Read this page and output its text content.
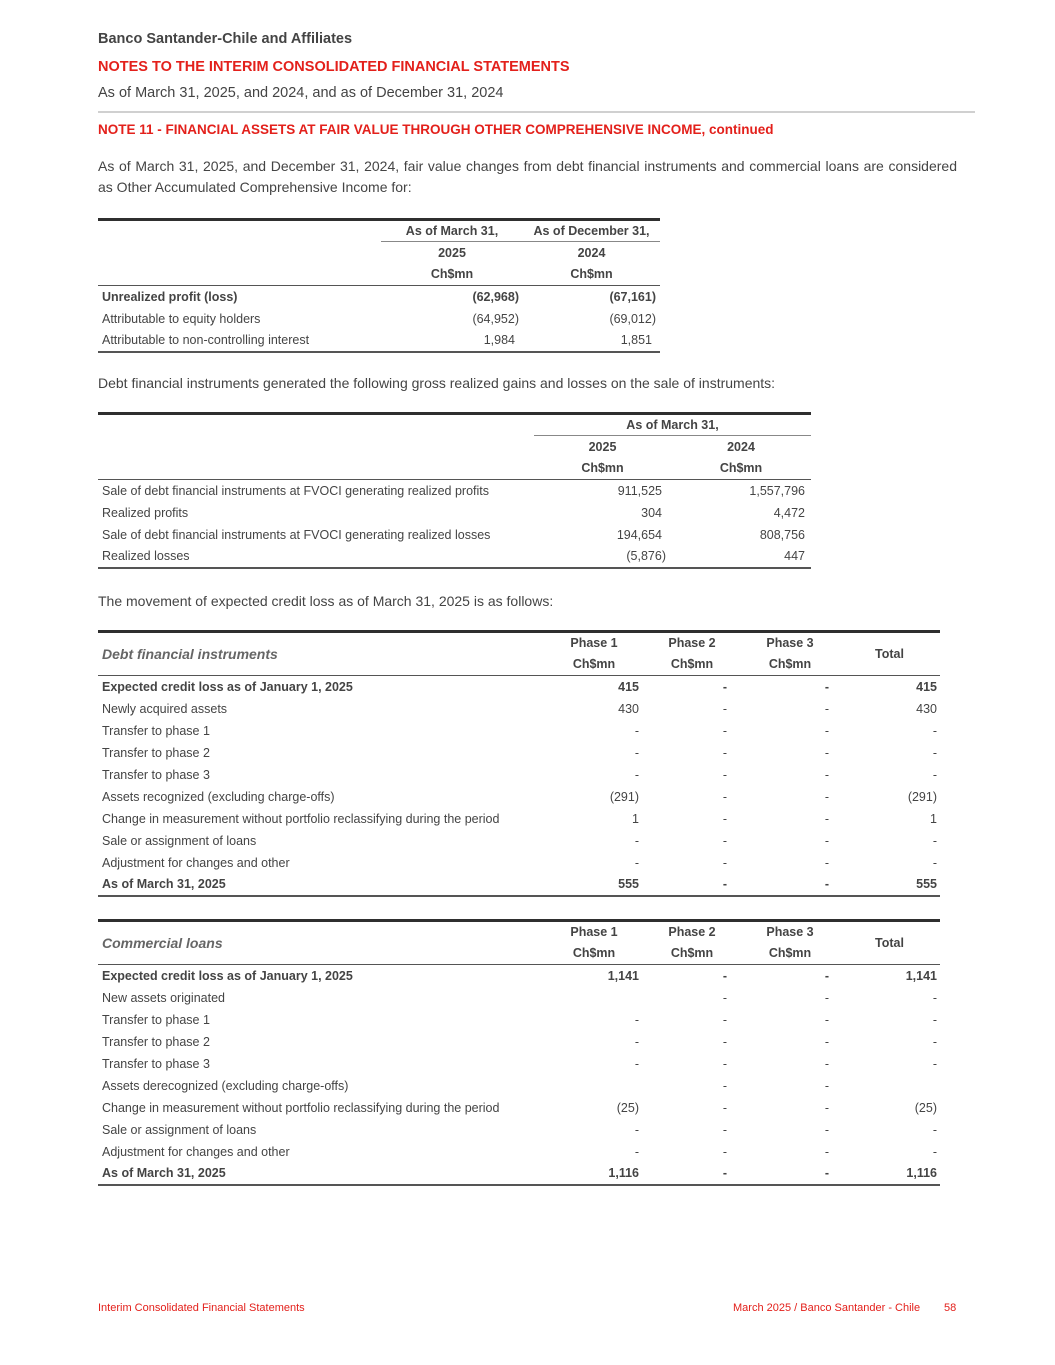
Banco Santander-Chile and Affiliates
NOTES TO THE INTERIM CONSOLIDATED FINANCIAL STATEMENTS
As of March 31, 2025, and 2024, and as of December 31, 2024
NOTE 11 - FINANCIAL ASSETS AT FAIR VALUE THROUGH OTHER COMPREHENSIVE INCOME, continued
As of March 31, 2025, and December 31, 2024, fair value changes from debt financial instruments and commercial loans are considered as Other Accumulated Comprehensive Income for:
	As of March 31,	As of December 31,
	2025	2024
	Ch$mn	Ch$mn
Unrealized profit (loss)	(62,968)	(67,161)
Attributable to equity holders	(64,952)	(69,012)
Attributable to non-controlling interest	1,984	1,851
Debt financial instruments generated the following gross realized gains and losses on the sale of instruments:
	As of March 31,	
	2025	2024
	Ch$mn	Ch$mn
Sale of debt financial instruments at FVOCI generating realized profits	911,525	1,557,796
Realized profits	304	4,472
Sale of debt financial instruments at FVOCI generating realized losses	194,654	808,756
Realized losses	(5,876)	447
The movement of expected credit loss as of March 31, 2025 is as follows:
Debt financial instruments	Phase 1	Phase 2	Phase 3	Total
	Ch$mn	Ch$mn	Ch$mn	
Expected credit loss as of January 1, 2025	415	-	-	415
Newly acquired assets	430	-	-	430
Transfer to phase 1	-	-	-	-
Transfer to phase 2	-	-	-	-
Transfer to phase 3	-	-	-	-
Assets recognized (excluding charge-offs)	(291)	-	-	(291)
Change in measurement without portfolio reclassifying during the period	1	-	-	1
Sale or assignment of loans	-	-	-	-
Adjustment for changes and other	-	-	-	-
As of March 31, 2025	555	-	-	555
Commercial loans	Phase 1	Phase 2	Phase 3	Total
	Ch$mn	Ch$mn	Ch$mn	
Expected credit loss as of January 1, 2025	1,141	-	-	1,141
New assets originated		-	-	-
Transfer to phase 1	-	-	-	-
Transfer to phase 2	-	-	-	-
Transfer to phase 3	-	-	-	-
Assets derecognized (excluding charge-offs)		-	-	
Change in measurement without portfolio reclassifying during the period	(25)	-	-	(25)
Sale or assignment of loans	-	-	-	-
Adjustment for changes and other	-	-	-	-
As of March 31, 2025	1,116	-	-	1,116
Interim Consolidated Financial Statements	March 2025 / Banco Santander - Chile 58
